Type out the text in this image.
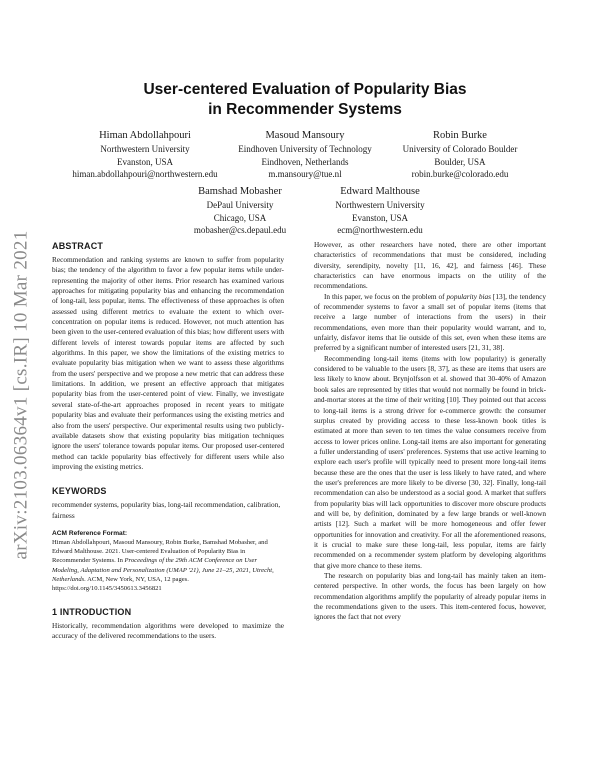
arXiv:2103.06364v1 [cs.IR] 10 Mar 2021
User-centered Evaluation of Popularity Bias
in Recommender Systems
Himan Abdollahpouri
Northwestern University
Evanston, USA
himan.abdollahpouri@northwestern.edu
Masoud Mansoury
Eindhoven University of Technology
Eindhoven, Netherlands
m.mansoury@tue.nl
Robin Burke
University of Colorado Boulder
Boulder, USA
robin.burke@colorado.edu
Bamshad Mobasher
DePaul University
Chicago, USA
mobasher@cs.depaul.edu
Edward Malthouse
Northwestern University
Evanston, USA
ecm@northwestern.edu
ABSTRACT

Recommendation and ranking systems are known to suffer from popularity bias; the tendency of the algorithm to favor a few popular items while under-representing the majority of other items. Prior research has examined various approaches for mitigating popularity bias and enhancing the recommendation of long-tail, less popular, items. The effectiveness of these approaches is often assessed using different metrics to evaluate the extent to which over-concentration on popular items is reduced. However, not much attention has been given to the user-centered evaluation of this bias; how different users with different levels of interest towards popular items are affected by such algorithms. In this paper, we show the limitations of the existing metrics to evaluate popularity bias mitigation when we want to assess these algorithms from the users' perspective and we propose a new metric that can address these limitations. In addition, we present an effective approach that mitigates popularity bias from the user-centered point of view. Finally, we investigate several state-of-the-art approaches proposed in recent years to mitigate popularity bias and evaluate their performances using the existing metrics and also from the users' perspective. Our experimental results using two publicly-available datasets show that existing popularity bias mitigation techniques ignore the users' tolerance towards popular items. Our proposed user-centered method can tackle popularity bias effectively for different users while also improving the existing metrics.

KEYWORDS

recommender systems, popularity bias, long-tail recommendation, calibration, fairness

ACM Reference Format:

Himan Abdollahpouri, Masoud Mansoury, Robin Burke, Bamshad Mobasher, and Edward Malthouse. 2021. User-centered Evaluation of Popularity Bias in Recommender Systems. In Proceedings of the 29th ACM Conference on User Modeling, Adaptation and Personalization (UMAP '21), June 21–25, 2021, Utrecht, Netherlands. ACM, New York, NY, USA, 12 pages. https://doi.org/10.1145/3450613.3456821

1 INTRODUCTION

Historically, recommendation algorithms were developed to maximize the accuracy of the delivered recommendations to the users.

However, as other researchers have noted, there are other important characteristics of recommendations that must be considered, including diversity, serendipity, novelty [11, 16, 42], and fairness [46]. These characteristics can have enormous impacts on the utility of the recommendations.

In this paper, we focus on the problem of popularity bias [13], the tendency of recommender systems to favor a small set of popular items (items that receive a large number of interactions from the users) in their recommendations, even more than their popularity would warrant, and to, unfairly, disfavor items that lie outside of this set, even when these items are preferred by a significant number of interested users [21, 31, 38].

Recommending long-tail items (items with low popularity) is generally considered to be valuable to the users [8, 37], as these are items that users are less likely to know about. Brynjolfsson et al. showed that 30-40% of Amazon book sales are represented by titles that would not normally be found in brick-and-mortar stores at the time of their writing [10]. They pointed out that access to long-tail items is a strong driver for e-commerce growth: the consumer surplus created by providing access to these less-known book titles is estimated at more than seven to ten times the value consumers receive from access to lower prices online. Long-tail items are also important for generating a fuller understanding of users' preferences. Systems that use active learning to explore each user's profile will typically need to present more long-tail items because these are the ones that the user is less likely to have rated, and where the user's preferences are more likely to be diverse [30, 32]. Finally, long-tail recommendation can also be understood as a social good. A market that suffers from popularity bias will lack opportunities to discover more obscure products and will be, by definition, dominated by a few large brands or well-known artists [12]. Such a market will be more homogeneous and offer fewer opportunities for innovation and creativity. For all the aforementioned reasons, it is crucial to make sure these long-tail, less popular, items are fairly recommended on a recommender system platform by developing algorithms that give more chance to these items.

The research on popularity bias and long-tail has mainly taken an item-centered perspective. In other words, the focus has been largely on how recommendation algorithms amplify the popularity of already popular items in the recommendations given to the users. This item-centered focus, however, ignores the fact that not every
